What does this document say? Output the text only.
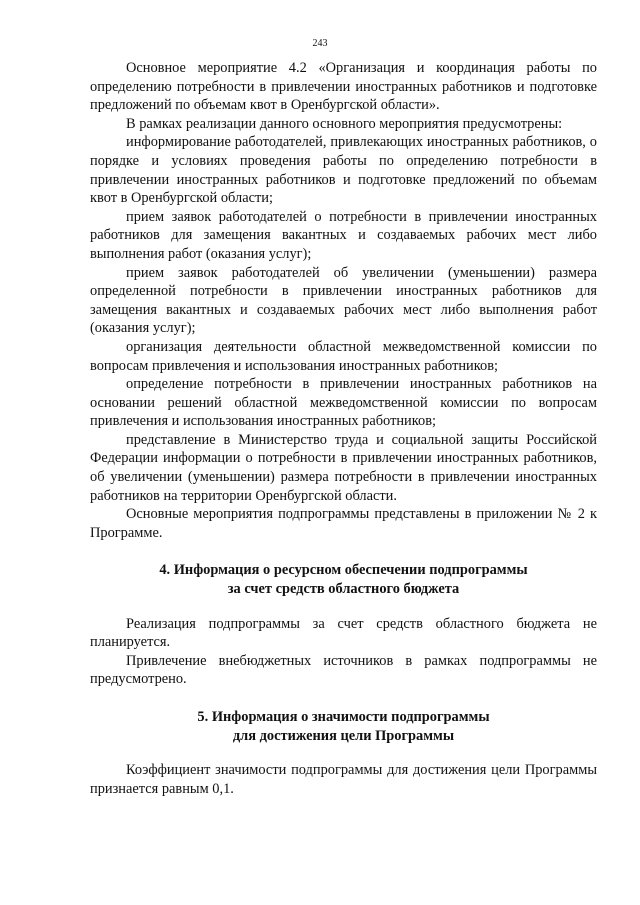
243

Основное мероприятие 4.2 «Организация и координация работы по определению потребности в привлечении иностранных работников и подготовке предложений по объемам квот в Оренбургской области».

В рамках реализации данного основного мероприятия предусмотрены:

информирование работодателей, привлекающих иностранных работников, о порядке и условиях проведения работы по определению потребности в привлечении иностранных работников и подготовке предложений по объемам квот в Оренбургской области;

прием заявок работодателей о потребности в привлечении иностранных работников для замещения вакантных и создаваемых рабочих мест либо выполнения работ (оказания услуг);

прием заявок работодателей об увеличении (уменьшении) размера определенной потребности в привлечении иностранных работников для замещения вакантных и создаваемых рабочих мест либо выполнения работ (оказания услуг);

организация деятельности областной межведомственной комиссии по вопросам привлечения и использования иностранных работников;

определение потребности в привлечении иностранных работников на основании решений областной межведомственной комиссии по вопросам привлечения и использования иностранных работников;

представление в Министерство труда и социальной защиты Российской Федерации информации о потребности в привлечении иностранных работников, об увеличении (уменьшении) размера потребности в привлечении иностранных работников на территории Оренбургской области.

Основные мероприятия подпрограммы представлены в приложении № 2 к Программе.

4. Информация о ресурсном обеспечении подпрограммы
за счет средств областного бюджета

Реализация подпрограммы за счет средств областного бюджета не планируется.

Привлечение внебюджетных источников в рамках подпрограммы не предусмотрено.

5. Информация о значимости подпрограммы
для достижения цели Программы

Коэффициент значимости подпрограммы для достижения цели Программы признается равным 0,1.
